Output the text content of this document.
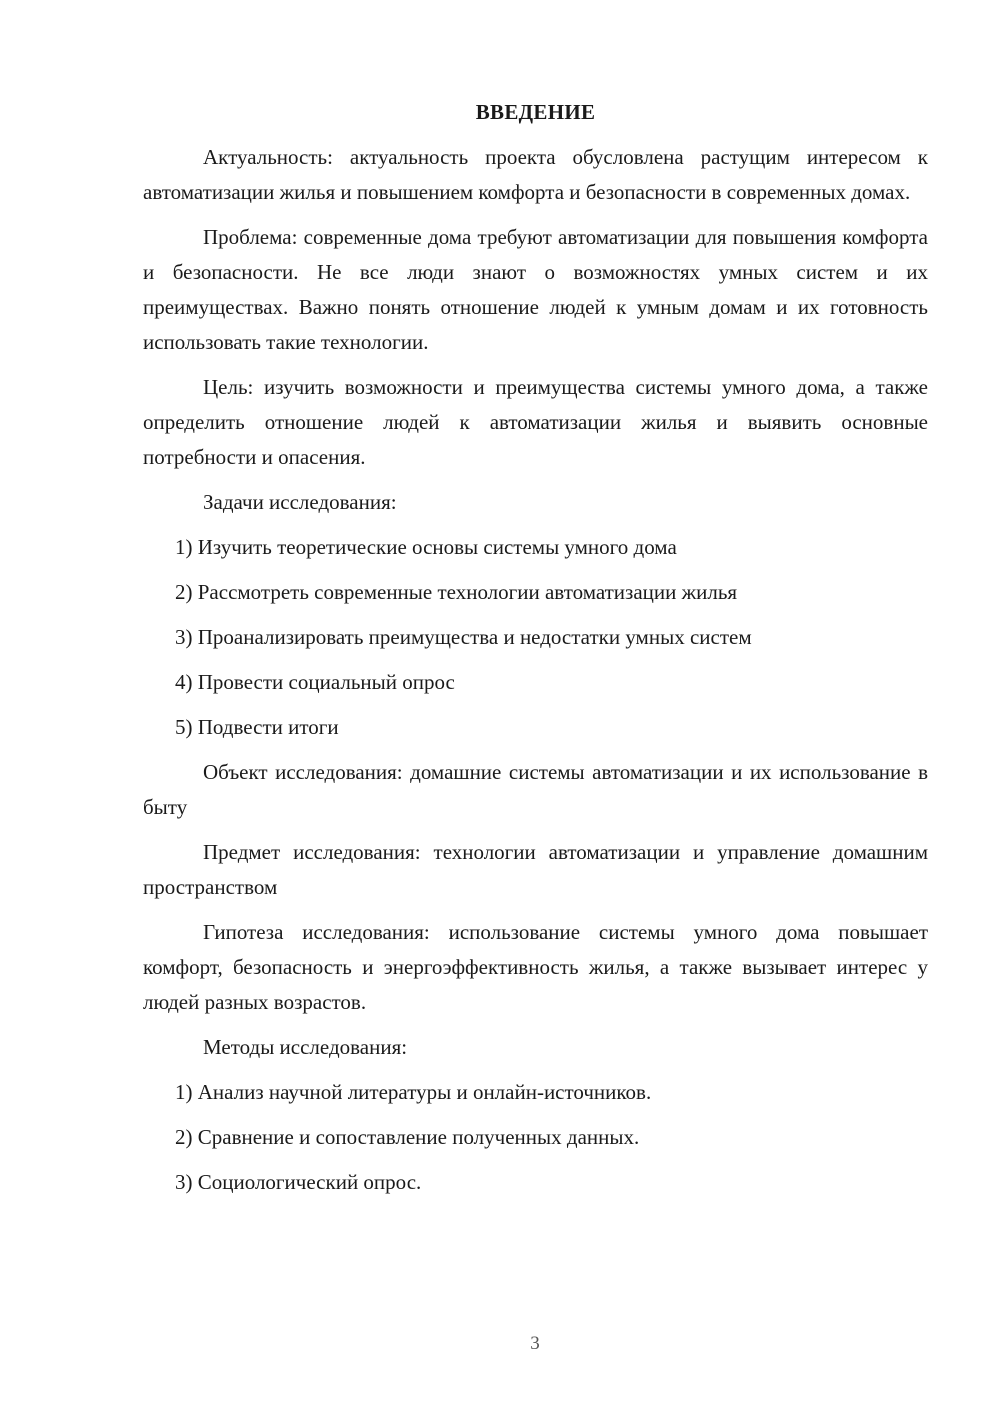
ВВЕДЕНИЕ

Актуальность: актуальность проекта обусловлена растущим интересом к автоматизации жилья и повышением комфорта и безопасности в современных домах.

Проблема: современные дома требуют автоматизации для повышения комфорта и безопасности. Не все люди знают о возможностях умных систем и их преимуществах. Важно понять отношение людей к умным домам и их готовность использовать такие технологии.

Цель: изучить возможности и преимущества системы умного дома, а также определить отношение людей к автоматизации жилья и выявить основные потребности и опасения.

Задачи исследования:

1) Изучить теоретические основы системы умного дома
2) Рассмотреть современные технологии автоматизации жилья
3) Проанализировать преимущества и недостатки умных систем
4) Провести социальный опрос
5) Подвести итоги

Объект исследования: домашние системы автоматизации и их использование в быту

Предмет исследования: технологии автоматизации и управление домашним пространством

Гипотеза исследования: использование системы умного дома повышает комфорт, безопасность и энергоэффективность жилья, а также вызывает интерес у людей разных возрастов.

Методы исследования:

1) Анализ научной литературы и онлайн-источников.
2) Сравнение и сопоставление полученных данных.
3) Социологический опрос.
3
